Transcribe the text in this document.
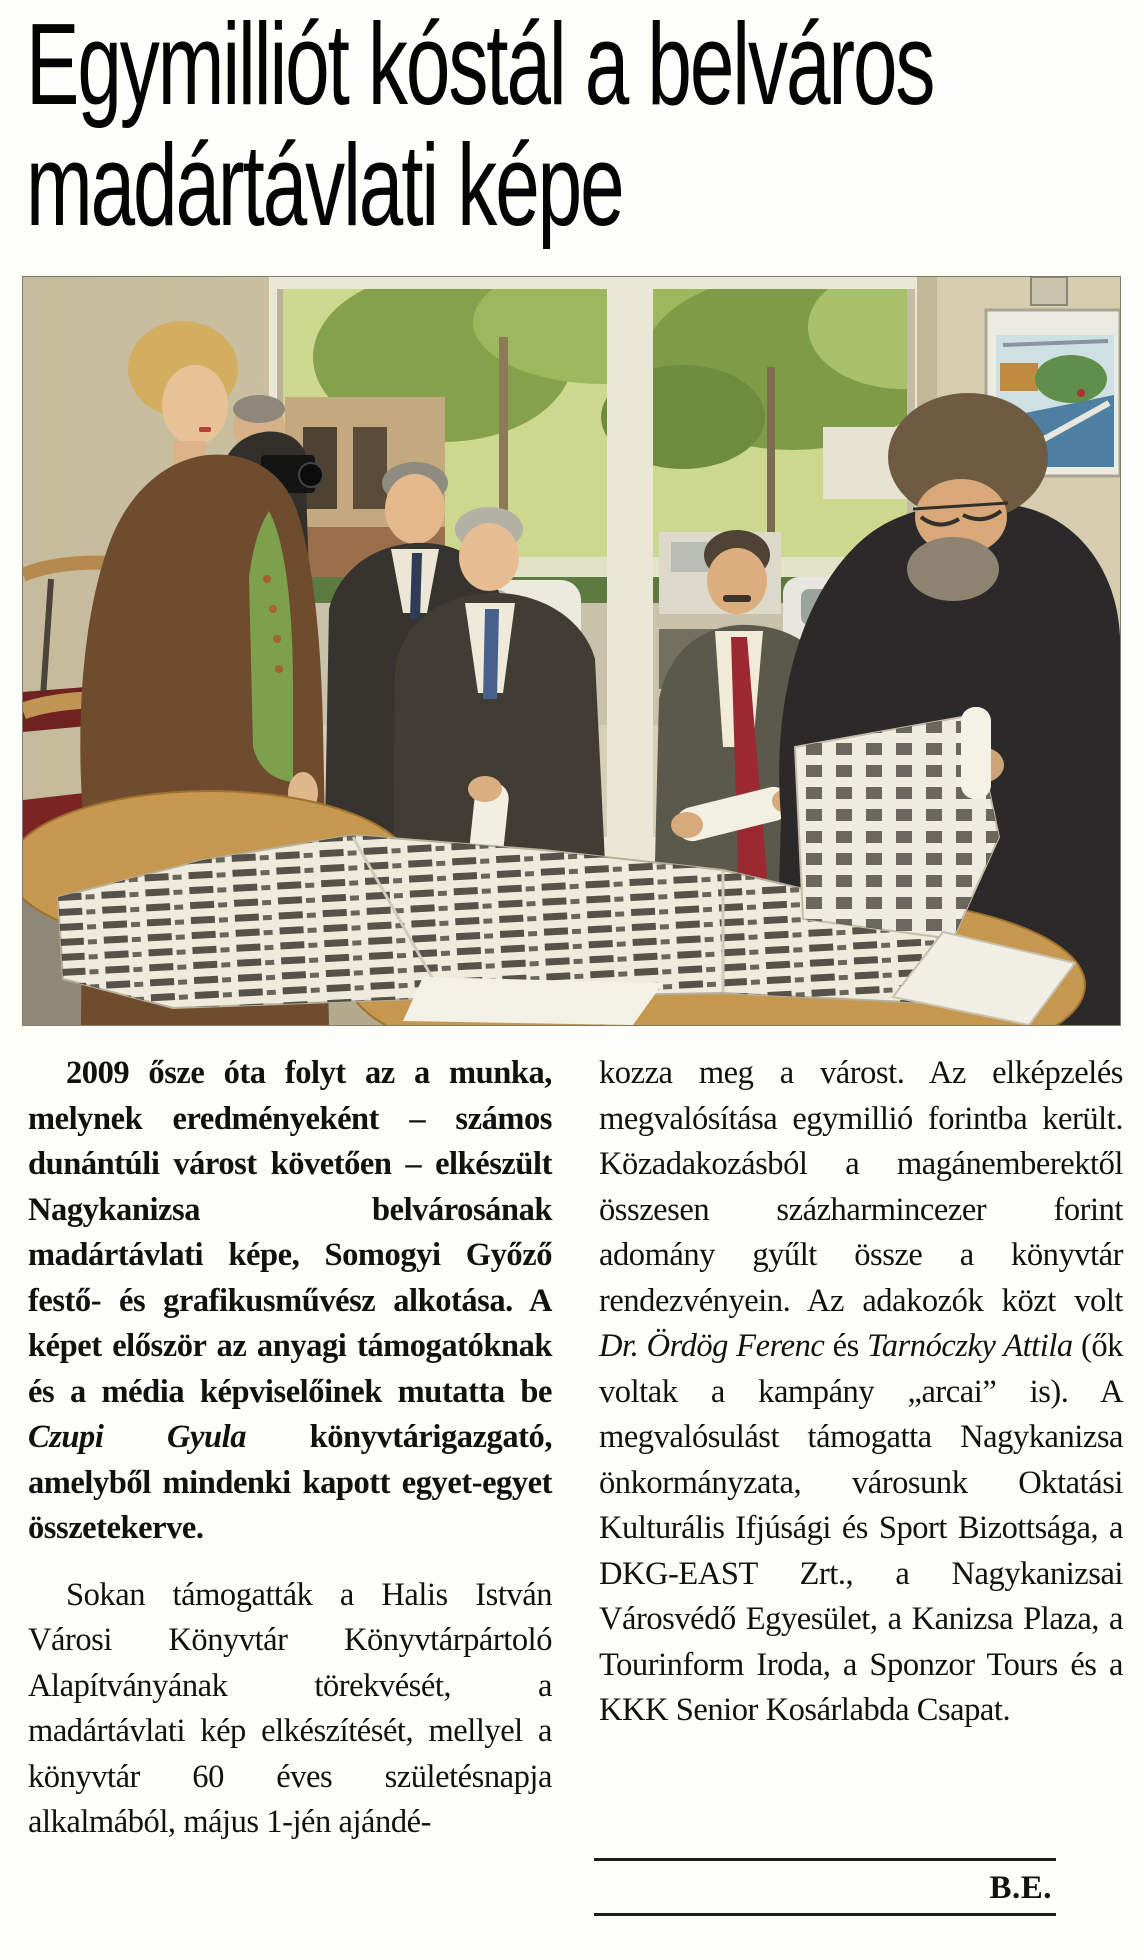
Egymilliót kóstál a belváros
madártávlati képe

2009 ősze óta folyt az a munka, melynek eredményeként – számos dunántúli várost követően – elkészült Nagykanizsa belvárosának madártávlati képe, Somogyi Győző festő- és grafikusművész alkotása. A képet először az anyagi támogatóknak és a média képviselőinek mutatta be Czupi Gyula könyvtárigazgató, amelyből mindenki kapott egyet-egyet összetekerve.

Sokan támogatták a Halis István Városi Könyvtár Könyvtárpártoló Alapítványának törekvését, a madártávlati kép elkészítését, mellyel a könyvtár 60 éves születésnapja alkalmából, május 1-jén ajándé-

kozza meg a várost. Az elképzelés megvalósítása egymillió forintba került. Közadakozásból a magánemberektől összesen százharmincezer forint adomány gyűlt össze a könyvtár rendezvényein. Az adakozók közt volt Dr. Ördög Ferenc és Tarnóczky Attila (ők voltak a kampány „arcai” is). A megvalósulást támogatta Nagykanizsa önkormányzata, városunk Oktatási Kulturális Ifjúsági és Sport Bizottsága, a DKG-EAST Zrt., a Nagykanizsai Városvédő Egyesület, a Kanizsa Plaza, a Tourinform Iroda, a Sponzor Tours és a KKK Senior Kosárlabda Csapat.

B.E.
